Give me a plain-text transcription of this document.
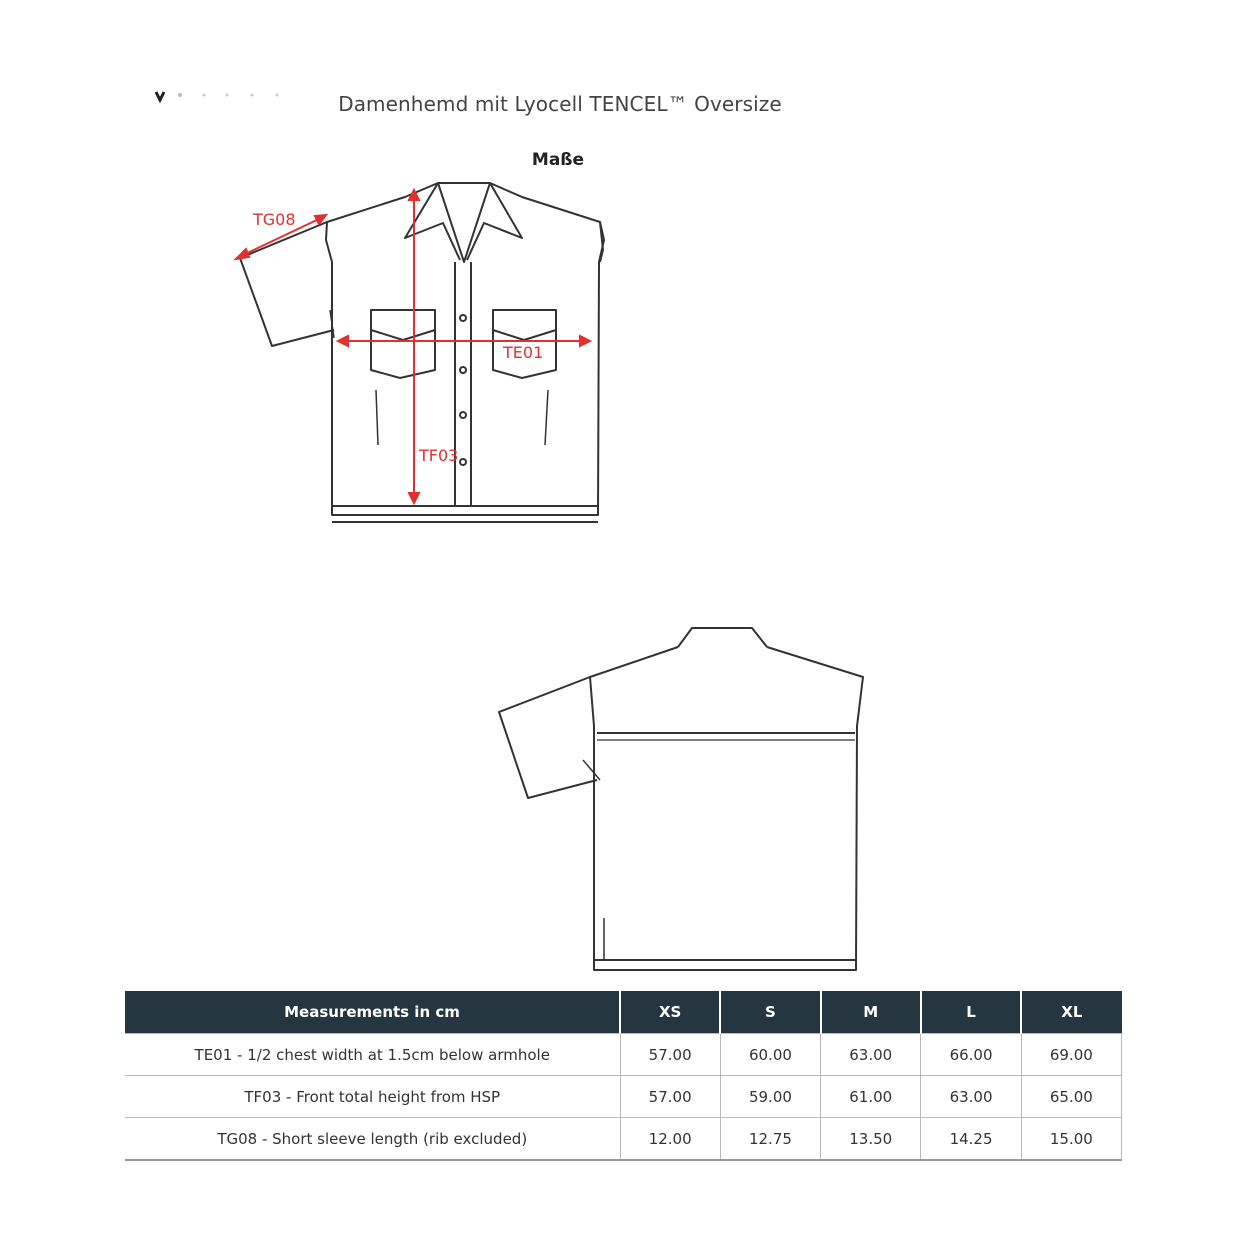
Damenhemd mit Lyocell TENCEL™ Oversize
Maße
TG08
TE01
TF03
Measurements in cm	XS	S	M	L	XL
TE01 - 1/2 chest width at 1.5cm below armhole	57.00	60.00	63.00	66.00	69.00
TF03 - Front total height from HSP	57.00	59.00	61.00	63.00	65.00
TG08 - Short sleeve length (rib excluded)	12.00	12.75	13.50	14.25	15.00
